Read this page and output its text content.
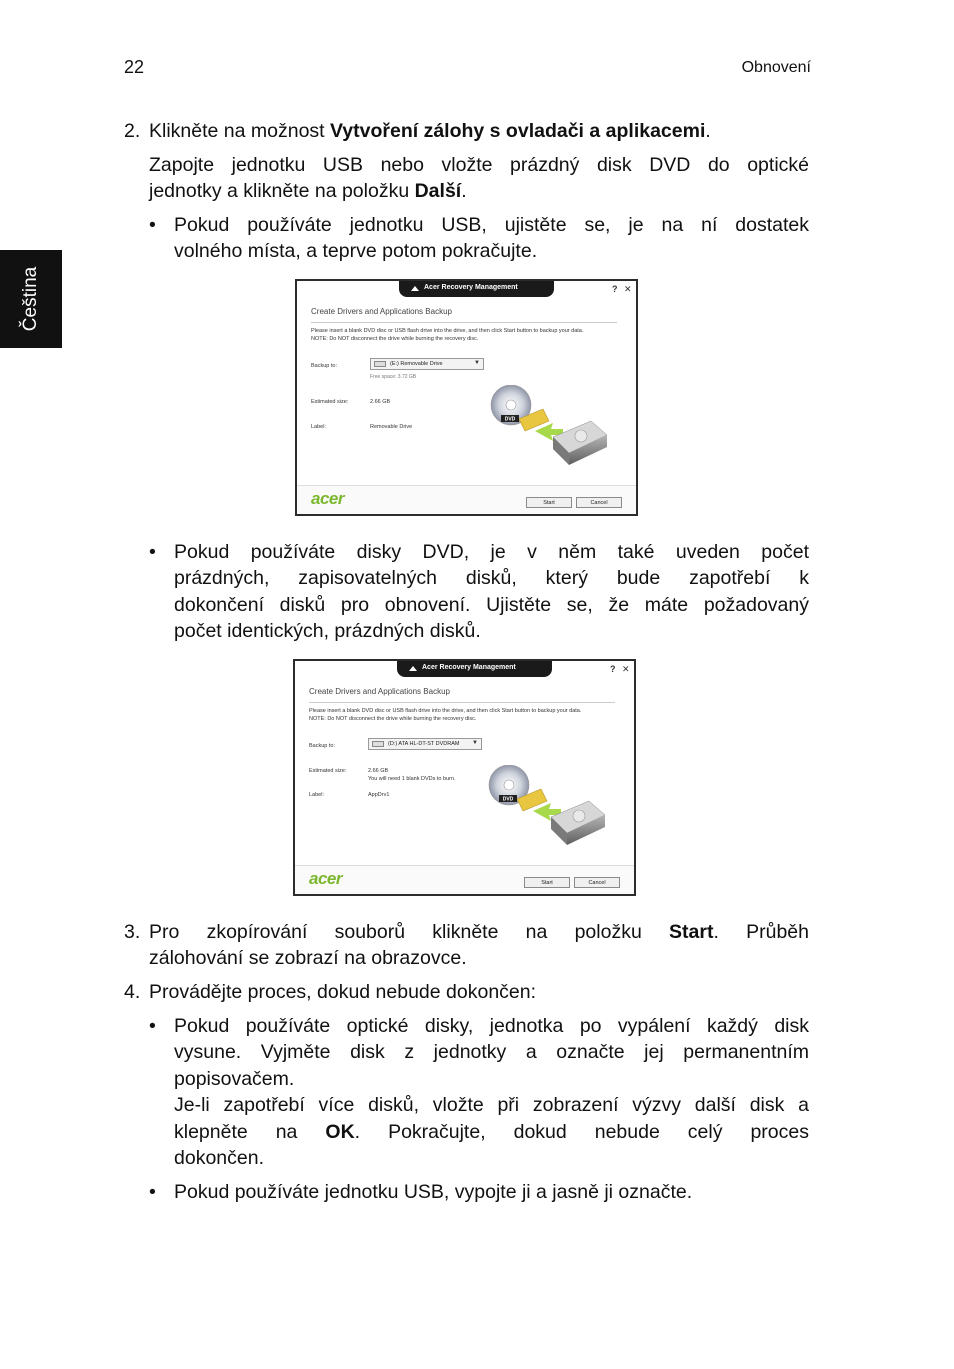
22	Obnovení
Čeština
2. Klikněte na možnost Vytvoření zálohy s ovladači a aplikacemi.
Zapojte jednotku USB nebo vložte prázdný disk DVD do optické
jednotky a klikněte na položku Další.
• Pokud používáte jednotku USB, ujistěte se, je na ní dostatek
volného místa, a teprve potom pokračujte.
Acer Recovery Management	? ✕
Create Drivers and Applications Backup
Please insert a blank DVD disc or USB flash drive into the drive, and then click Start button to backup your data. NOTE: Do NOT disconnect the drive while burning the recovery disc.
Backup to:	(E:) Removable Drive	▼
Free space: 3.72 GB
Estimated size:	2.66 GB
Label:	Removable Drive
DVD
acer	Start	Cancel
• Pokud používáte disky DVD, je v něm také uveden počet
prázdných, zapisovatelných disků, který bude zapotřebí k
dokončení disků pro obnovení. Ujistěte se, že máte požadovaný
počet identických, prázdných disků.
Acer Recovery Management	? ✕
Create Drivers and Applications Backup
Please insert a blank DVD disc or USB flash drive into the drive, and then click Start button to backup your data. NOTE: Do NOT disconnect the drive while burning the recovery disc.
Backup to:	(D:) ATA HL-DT-ST DVDRAM ▼
Estimated size:	2.66 GB
You will need 1 blank DVDs to burn.
Label:	AppDrv1
DVD
acer	Start	Cancel
3. Pro zkopírování souborů klikněte na položku Start. Průběh
zálohování se zobrazí na obrazovce.
4. Provádějte proces, dokud nebude dokončen:
• Pokud používáte optické disky, jednotka po vypálení každý disk
vysune. Vyjměte disk z jednotky a označte jej permanentním
popisovačem.
Je-li zapotřebí více disků, vložte při zobrazení výzvy další disk a
klepněte na OK. Pokračujte, dokud nebude celý proces
dokončen.
• Pokud používáte jednotku USB, vypojte ji a jasně ji označte.
